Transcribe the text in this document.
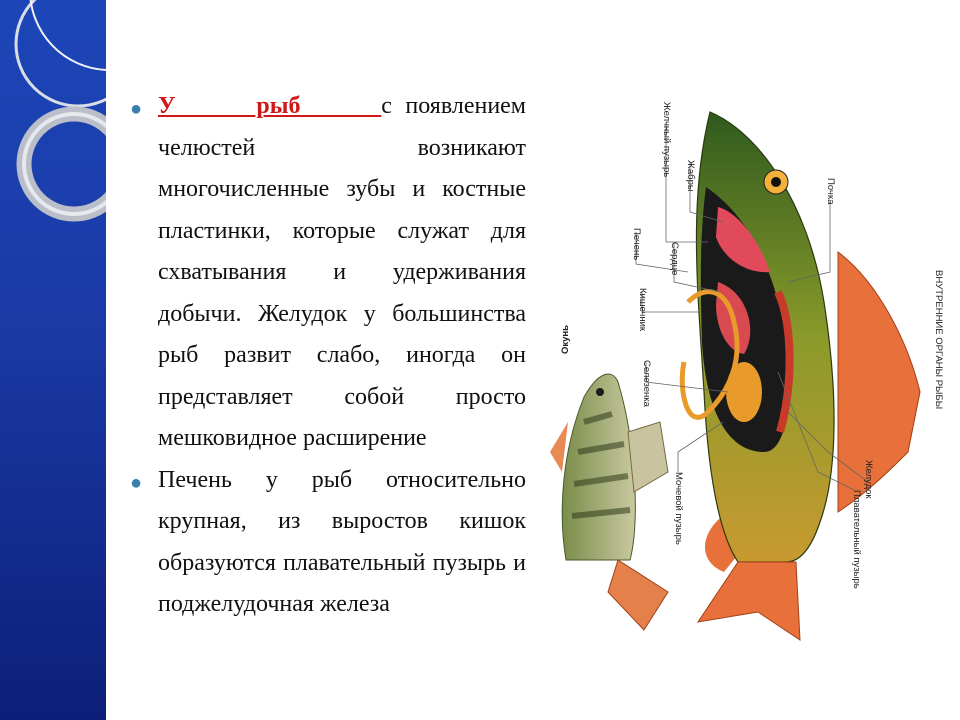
● У      рыб      с появлением челюстей возникают многочисленные зубы и костные пластинки, которые служат для схватывания и удерживания добычи. Желудок у большинства рыб развит слабо, иногда он представляет собой просто мешковидное расширение
● Печень у рыб относительно крупная, из выростов кишок образуются плавательный пузырь и поджелудочная железа
Окунь
Желчный пузырь Жабры
Сердце
Печень
Кишечник
Селезенка
Почка
Мочевой пузырь	Желудок
Плавательный пузырь
ВНУТРЕННИЕ ОРГАНЫ РЫБЫ
